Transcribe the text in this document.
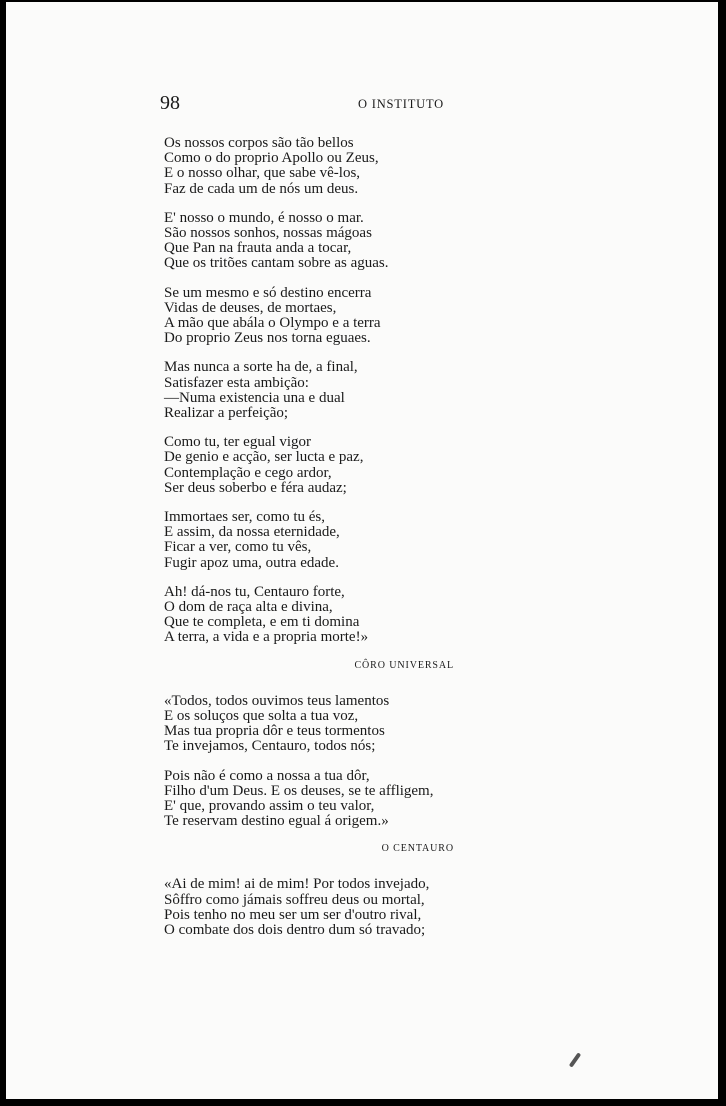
98	O INSTITUTO
Os nossos corpos são tão bellos
Como o do proprio Apollo ou Zeus,
E o nosso olhar, que sabe vê-los,
Faz de cada um de nós um deus.
E' nosso o mundo, é nosso o mar.
São nossos sonhos, nossas mágoas
Que Pan na frauta anda a tocar,
Que os tritões cantam sobre as aguas.
Se um mesmo e só destino encerra
Vidas de deuses, de mortaes,
A mão que abála o Olympo e a terra
Do proprio Zeus nos torna eguaes.
Mas nunca a sorte ha de, a final,
Satisfazer esta ambição:
—Numa existencia una e dual
Realizar a perfeição;
Como tu, ter egual vigor
De genio e acção, ser lucta e paz,
Contemplação e cego ardor,
Ser deus soberbo e féra audaz;
Immortaes ser, como tu és,
E assim, da nossa eternidade,
Ficar a ver, como tu vês,
Fugir apoz uma, outra edade.
Ah! dá-nos tu, Centauro forte,
O dom de raça alta e divina,
Que te completa, e em ti domina
A terra, a vida e a propria morte!»
CÔRO UNIVERSAL
«Todos, todos ouvimos teus lamentos
E os soluços que solta a tua voz,
Mas tua propria dôr e teus tormentos
Te invejamos, Centauro, todos nós;
Pois não é como a nossa a tua dôr,
Filho d'um Deus. E os deuses, se te affligem,
E' que, provando assim o teu valor,
Te reservam destino egual á origem.»
O CENTAURO
«Ai de mim! ai de mim! Por todos invejado,
Sôffro como jámais soffreu deus ou mortal,
Pois tenho no meu ser um ser d'outro rival,
O combate dos dois dentro dum só travado;
